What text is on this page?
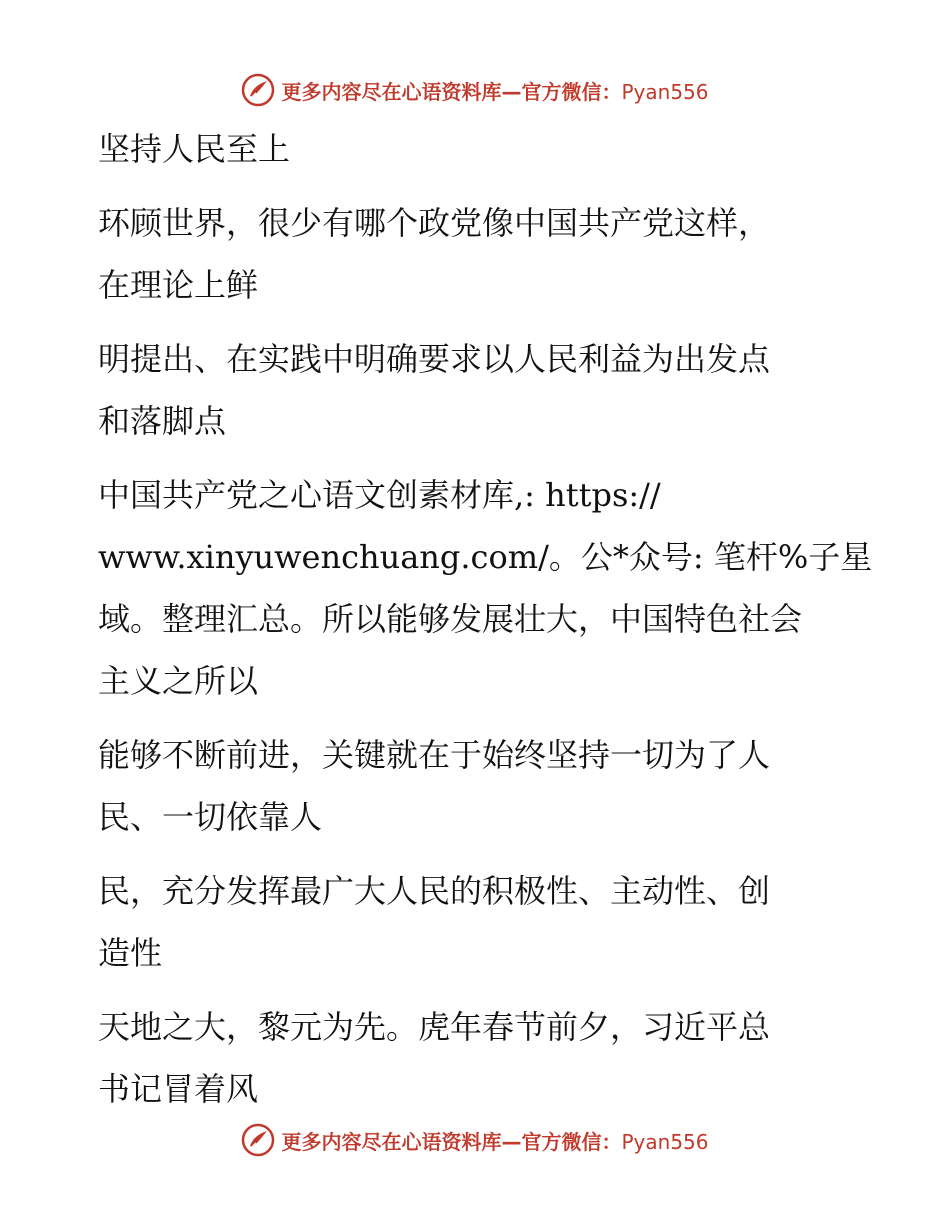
更多内容尽在心语资料库—官方微信：Pyan556

坚持人民至上

环顾世界，很少有哪个政党像中国共产党这样，
在理论上鲜

明提出、在实践中明确要求以人民利益为出发点
和落脚点

中国共产党之心语文创素材库,: https://
www.xinyuwenchuang.com/。公*众号: 笔杆%子星
域。整理汇总。所以能够发展壮大，中国特色社会
主义之所以

能够不断前进，关键就在于始终坚持一切为了人
民、一切依靠人

民，充分发挥最广大人民的积极性、主动性、创
造性

天地之大，黎元为先。虎年春节前夕，习近平总
书记冒着风

更多内容尽在心语资料库—官方微信：Pyan556
